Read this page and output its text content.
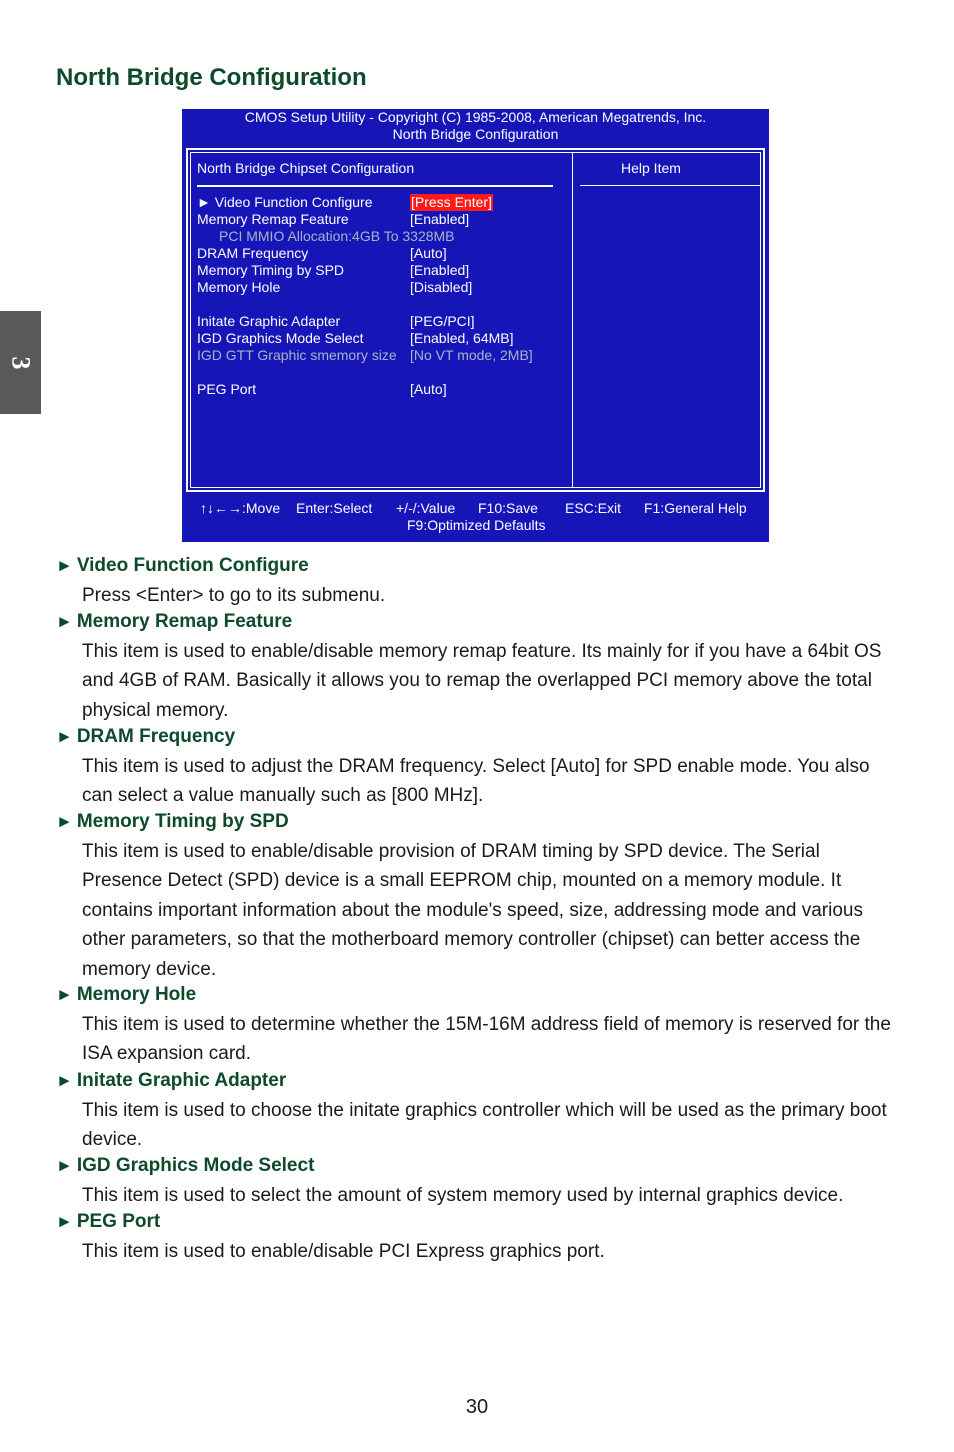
North Bridge Configuration
3
CMOS Setup Utility - Copyright (C) 1985-2008, American Megatrends, Inc.
North Bridge Configuration
North Bridge Chipset Configuration	Help Item
► Video Function Configure	[Press Enter]
Memory Remap Feature	[Enabled]
PCI MMIO Allocation:4GB To 3328MB
DRAM Frequency	[Auto]
Memory Timing by SPD	[Enabled]
Memory Hole	[Disabled]
Initate Graphic Adapter	[PEG/PCI]
IGD Graphics Mode Select	[Enabled, 64MB]
IGD GTT Graphic smemory size [No VT mode, 2MB]
PEG Port	[Auto]
↑↓←→:Move Enter:Select +/-/:Value F10:Save ESC:Exit F1:General Help
F9:Optimized Defaults
► Video Function Configure
Press <Enter> to go to its submenu.
► Memory Remap Feature
This item is used to enable/disable memory remap feature. Its mainly for if you have a 64bit OS and 4GB of RAM. Basically it allows you to remap the overlapped PCI memory above the total physical memory.
► DRAM Frequency
This item is used to adjust the DRAM frequency. Select [Auto] for SPD enable mode. You also can select a value manually such as [800 MHz].
► Memory Timing by SPD
This item is used to enable/disable provision of DRAM timing by SPD device. The Serial Presence Detect (SPD) device is a small EEPROM chip, mounted on a memory module. It contains important information about the module's speed, size, addressing mode and various other parameters, so that the motherboard memory controller (chipset) can better access the memory device.
► Memory Hole
This item is used to determine whether the 15M-16M address field of memory is reserved for the ISA expansion card.
► Initate Graphic Adapter
This item is used to choose the initate graphics controller which will be used as the primary boot device.
► IGD Graphics Mode Select
This item is used to select the amount of system memory used by internal graphics device.
► PEG Port
This item is used to enable/disable PCI Express graphics port.
30
